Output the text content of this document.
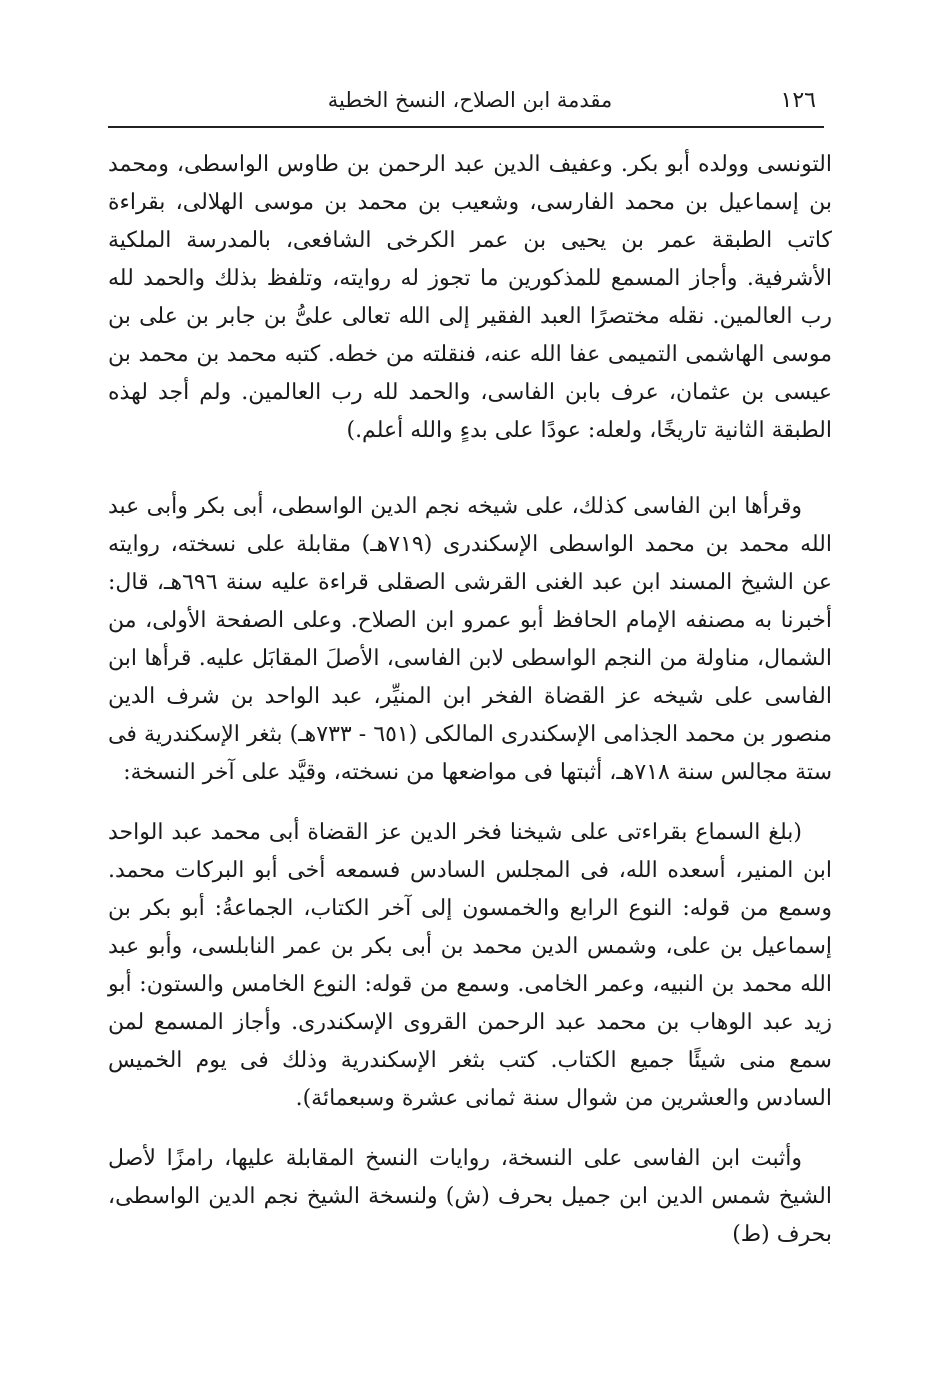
١٢٦
مقدمة ابن الصلاح، النسخ الخطية

التونسى وولده أبو بكر. وعفيف الدين عبد الرحمن بن طاوس الواسطى، ومحمد بن إسماعيل بن محمد الفارسى، وشعيب بن محمد بن موسى الهلالى، بقراءة كاتب الطبقة عمر بن يحيى بن عمر الكرخى الشافعى، بالمدرسة الملكية الأشرفية. وأجاز المسمع للمذكورين ما تجوز له روايته، وتلفظ بذلك والحمد لله رب العالمين. نقله مختصرًا العبد الفقير إلى الله تعالى علىُّ بن جابر بن على بن موسى الهاشمى التميمى عفا الله عنه، فنقلته من خطه. كتبه محمد بن محمد بن عيسى بن عثمان، عرف بابن الفاسى، والحمد لله رب العالمين. ولم أجد لهذه الطبقة الثانية تاريخًا، ولعله: عودًا على بدءٍ والله أعلم.)

وقرأها ابن الفاسى كذلك، على شيخه نجم الدين الواسطى، أبى بكر وأبى عبد الله محمد بن محمد الواسطى الإسكندرى (٧١٩هـ) مقابلة على نسخته، روايته عن الشيخ المسند ابن عبد الغنى القرشى الصقلى قراءة عليه سنة ٦٩٦هـ، قال: أخبرنا به مصنفه الإمام الحافظ أبو عمرو ابن الصلاح. وعلى الصفحة الأولى، من الشمال، مناولة من النجم الواسطى لابن الفاسى، الأصلَ المقابَل عليه. قرأها ابن الفاسى على شيخه عز القضاة الفخر ابن المنيِّر، عبد الواحد بن شرف الدين منصور بن محمد الجذامى الإسكندرى المالكى (٦٥١ - ٧٣٣هـ) بثغر الإسكندرية فى ستة مجالس سنة ٧١٨هـ، أثبتها فى مواضعها من نسخته، وقيَّد على آخر النسخة:

(بلغ السماع بقراءتى على شيخنا فخر الدين عز القضاة أبى محمد عبد الواحد ابن المنير، أسعده الله، فى المجلس السادس فسمعه أخى أبو البركات محمد. وسمع من قوله: النوع الرابع والخمسون إلى آخر الكتاب، الجماعةُ: أبو بكر بن إسماعيل بن على، وشمس الدين محمد بن أبى بكر بن عمر النابلسى، وأبو عبد الله محمد بن النبيه، وعمر الخامى. وسمع من قوله: النوع الخامس والستون: أبو زيد عبد الوهاب بن محمد عبد الرحمن القروى الإسكندرى. وأجاز المسمع لمن سمع منى شيئًا جميع الكتاب. كتب بثغر الإسكندرية وذلك فى يوم الخميس السادس والعشرين من شوال سنة ثمانى عشرة وسبعمائة).

وأثبت ابن الفاسى على النسخة، روايات النسخ المقابلة عليها، رامزًا لأصل الشيخ شمس الدين ابن جميل بحرف (ش) ولنسخة الشيخ نجم الدين الواسطى، بحرف (ط)
